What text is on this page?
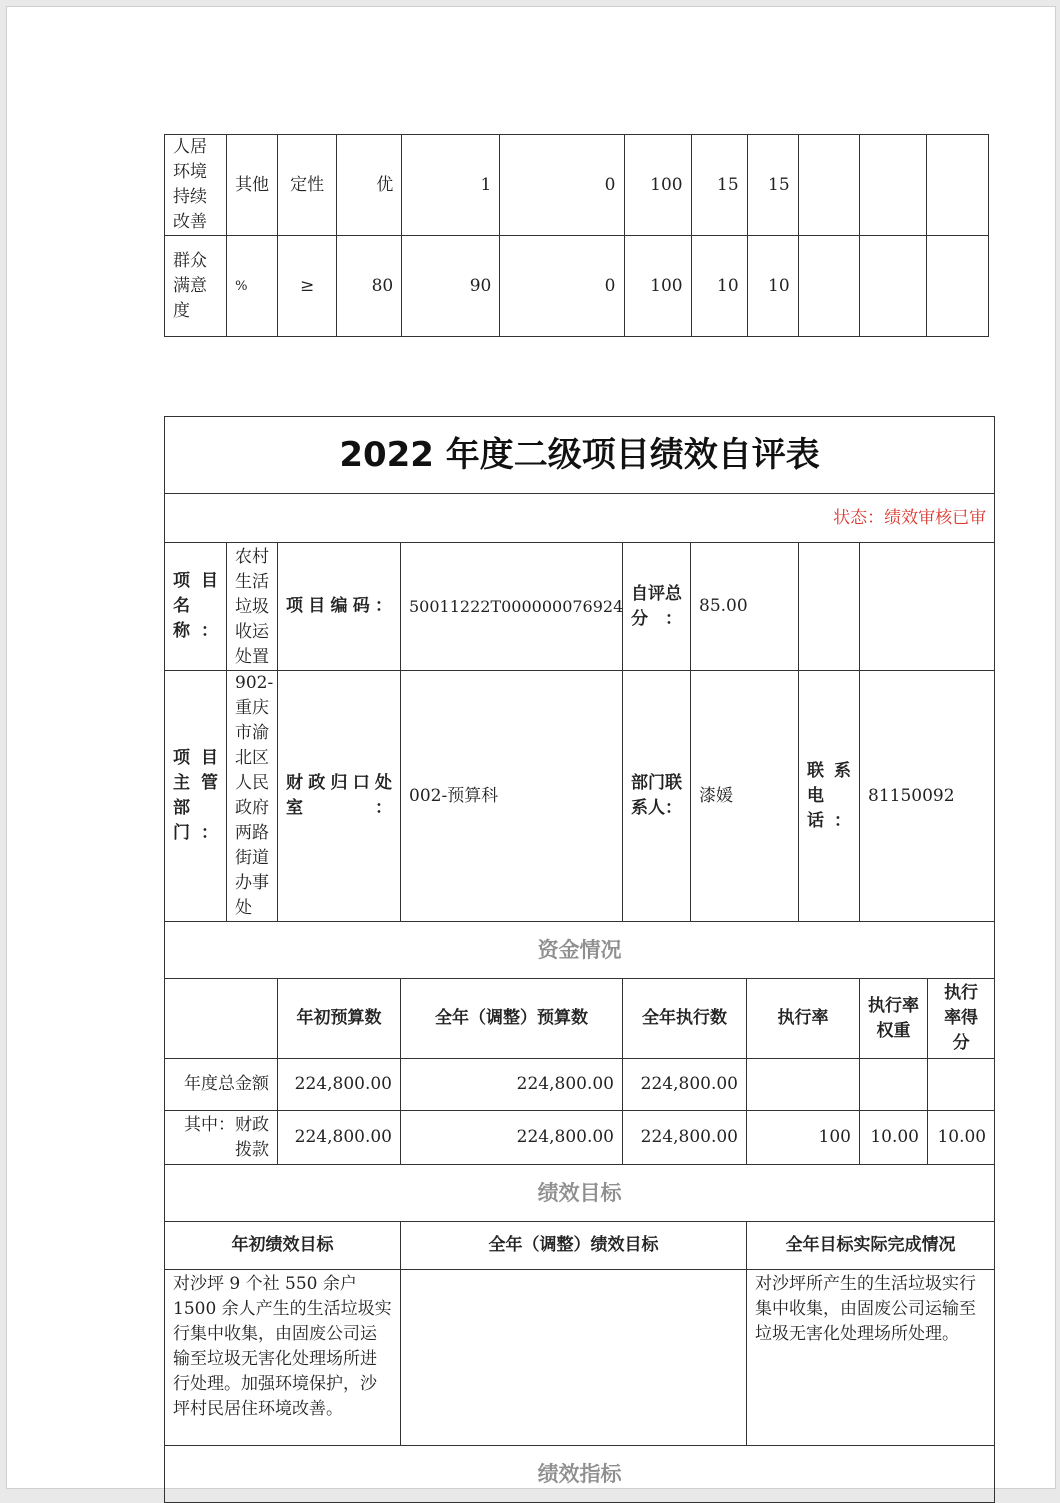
人居环境持续改善	其他	定性	优	1	0	100	15	15			
群众满意度	%	≥	80	90	0	100	10	10			
2022 年度二级项目绩效自评表									
状态：绩效审核已审									
项目名称：	农村生活垃圾收运处置	项目编码：	50011222T000000076924	自评总分：	85.00				
项目主管部门：	902-重庆市渝北区人民政府两路街道办事处	财政归口处室：	002-预算科	部门联系人：	漆媛		联系电话：	81150092	
资金情况									
		年初预算数	全年（调整）预算数	全年执行数		执行率		执行率权重	执行率得分
年度总金额		224,800.00	224,800.00	224,800.00					
其中：财政拨款		224,800.00	224,800.00	224,800.00		100		10.00	10.00
绩效目标									
年初绩效目标			全年（调整）绩效目标			全年目标实际完成情况			
对沙坪 9 个社 550 余户 1500 余人产生的生活垃圾实行集中收集，由固废公司运输至垃圾无害化处理场所进行处理。加强环境保护，沙坪村民居住环境改善。						对沙坪所产生的生活垃圾实行集中收集，由固废公司运输至垃圾无害化处理场所处理。			
绩效指标									
